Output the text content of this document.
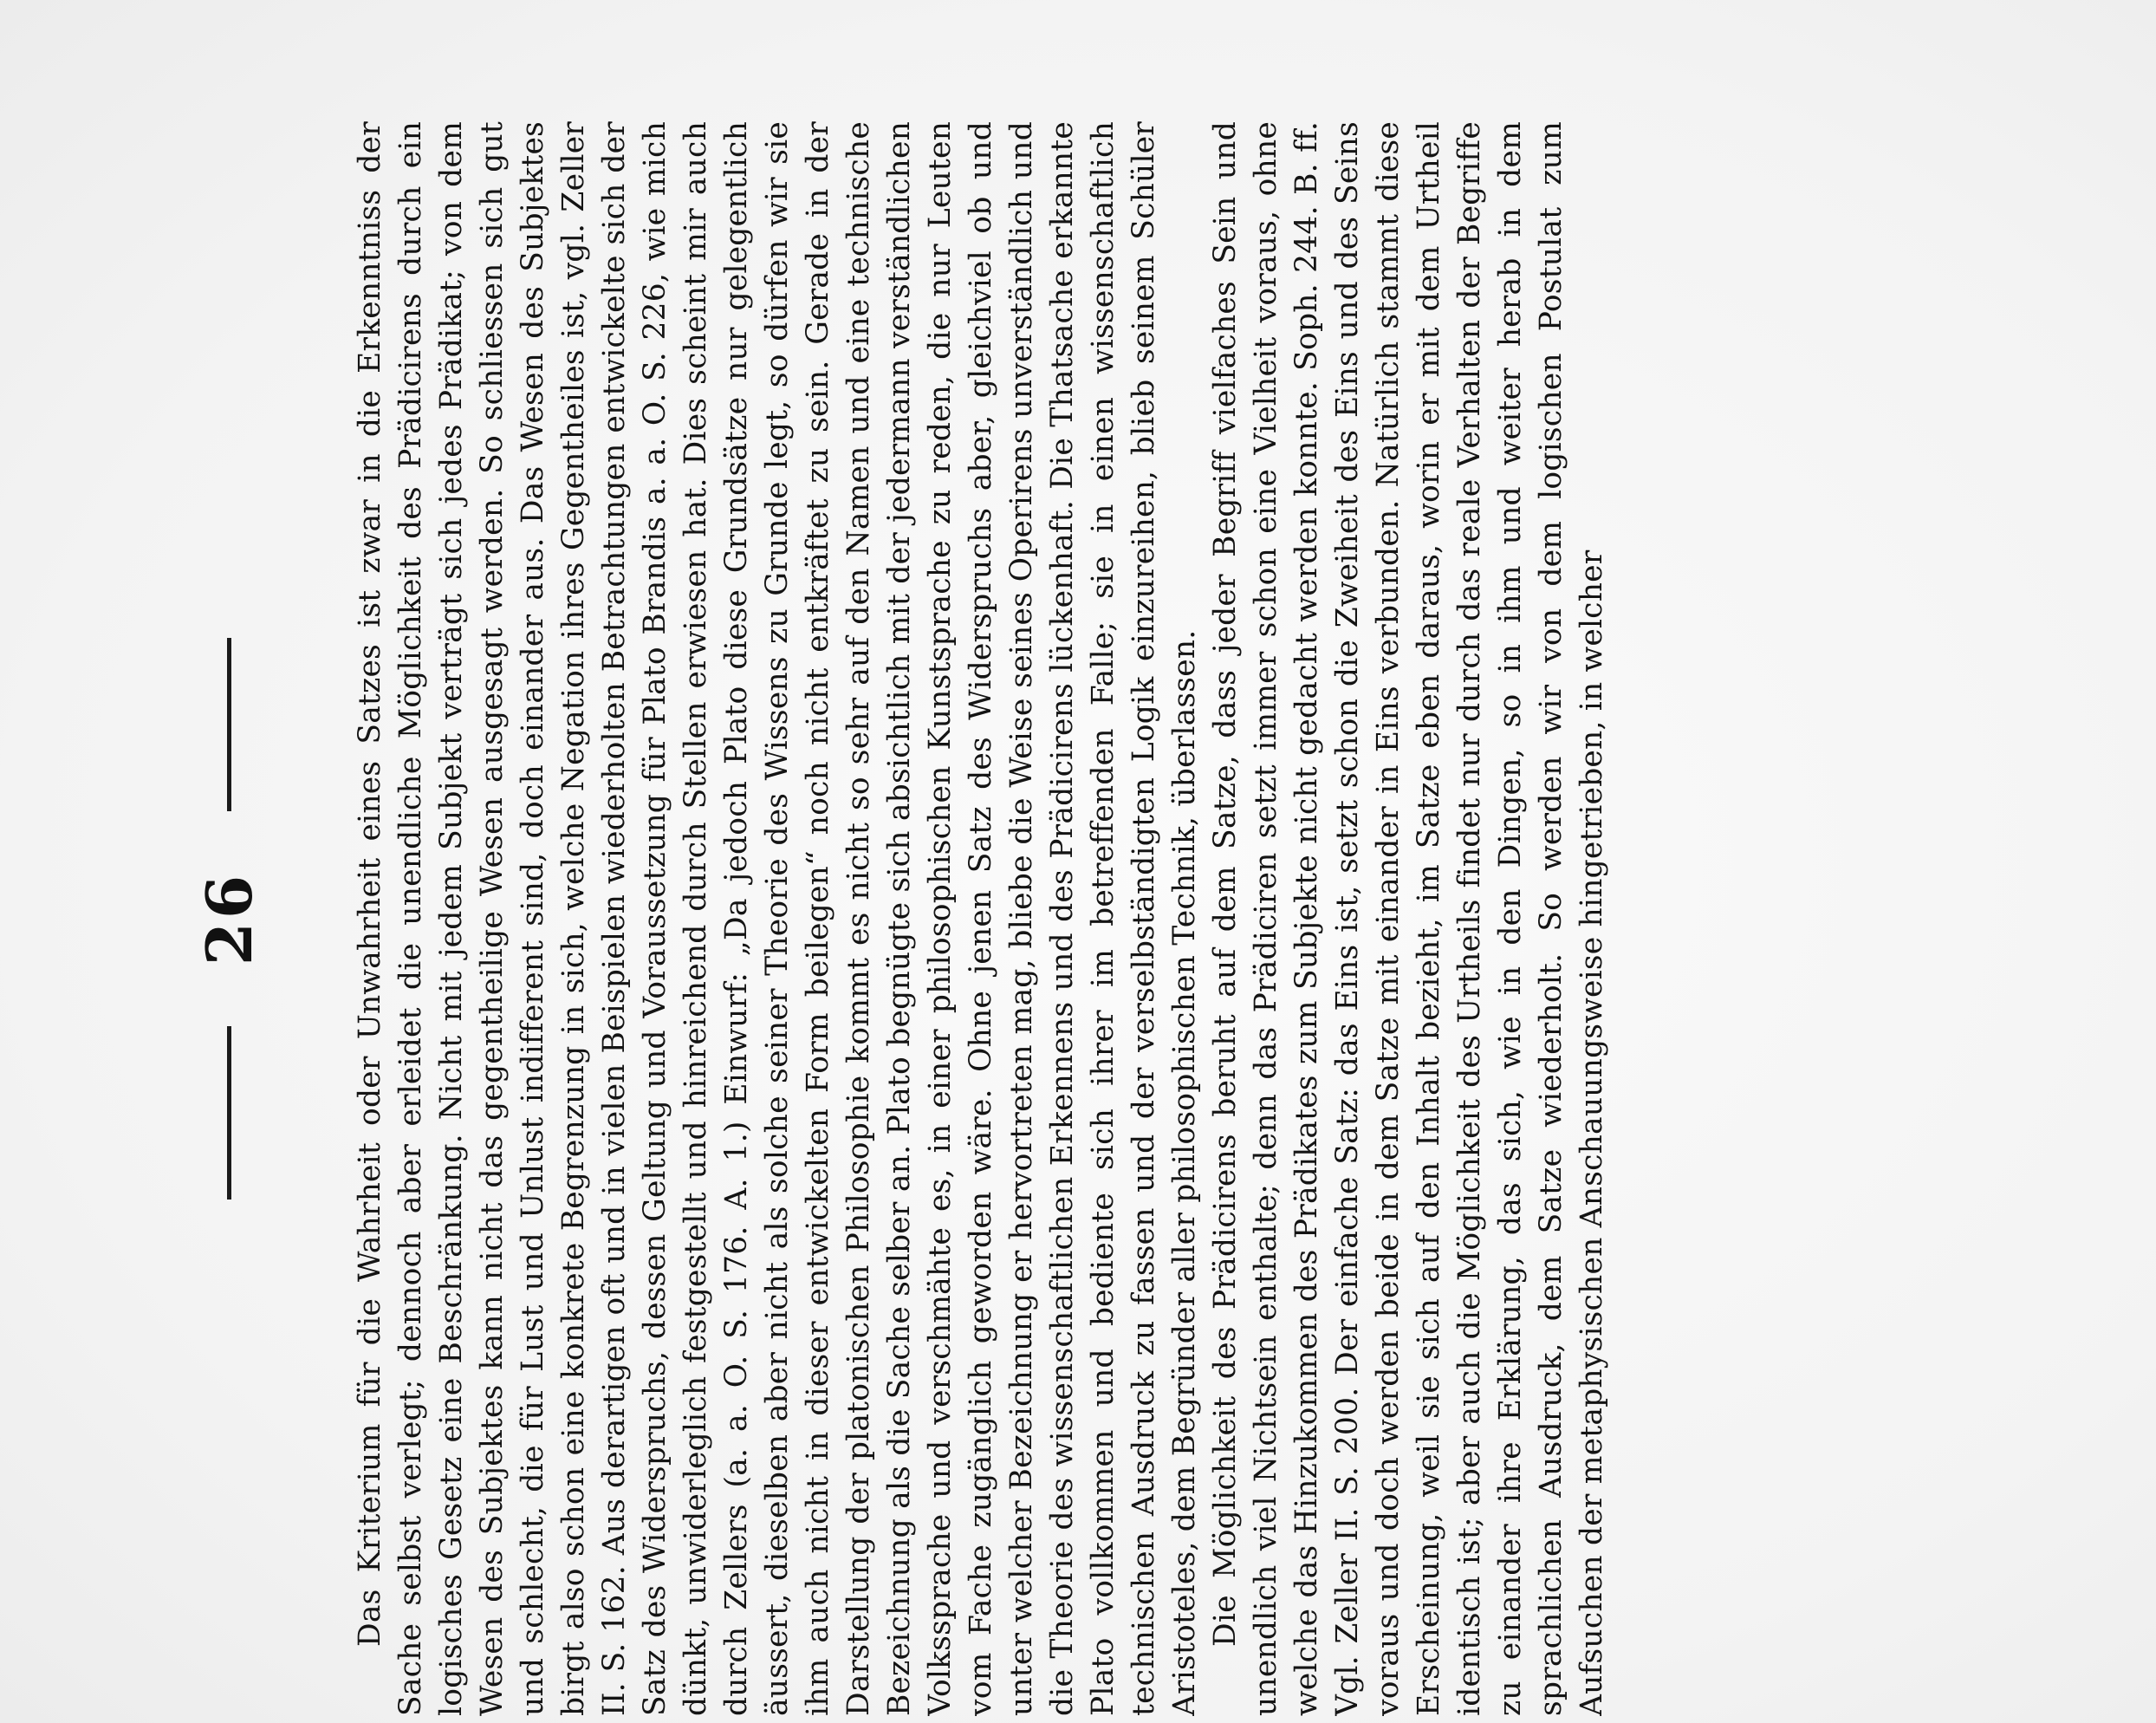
26	Das Kriterium für die Wahrheit oder Unwahrheit eines Satzes ist zwar in die Erkenntniss der Sache selbst verlegt; dennoch aber erleidet die unendliche Möglichkeit des Prädicirens durch ein logisches Gesetz eine Beschränkung. Nicht mit jedem Subjekt verträgt sich jedes Prädikat; von dem Wesen des Subjektes kann nicht das gegentheilige Wesen ausgesagt werden. So schliessen sich gut und schlecht, die für Lust und Unlust indifferent sind, doch einander aus. Das Wesen des Subjektes birgt also schon eine konkrete Begrenzung in sich, welche Negation ihres Gegentheiles ist, vgl. Zeller II. S. 162. Aus derartigen oft und in vielen Beispielen wiederholten Betrachtungen entwickelte sich der Satz des Widerspruchs, dessen Geltung und Voraussetzung für Plato Brandis a. a. O. S. 226, wie mich dünkt, unwiderleglich festgestellt und hinreichend durch Stellen erwiesen hat. Dies scheint mir auch durch Zellers (a. a. O. S. 176. A. 1.) Einwurf: „Da jedoch Plato diese Grundsätze nur gelegentlich äussert, dieselben aber nicht als solche seiner Theorie des Wissens zu Grunde legt, so dürfen wir sie ihm auch nicht in dieser entwickelten Form beilegen“ noch nicht entkräftet zu sein. Gerade in der Darstellung der platonischen Philosophie kommt es nicht so sehr auf den Namen und eine technische Bezeichnung als die Sache selber an. Plato begnügte sich absichtlich mit der jedermann verständlichen Volkssprache und verschmähte es, in einer philosophischen Kunstsprache zu reden, die nur Leuten vom Fache zugänglich geworden wäre. Ohne jenen Satz des Widerspruchs aber, gleichviel ob und unter welcher Bezeichnung er hervortreten mag, bliebe die Weise seines Operirens unverständlich und die Theorie des wissenschaftlichen Erkennens und des Prädicirens lückenhaft. Die Thatsache erkannte Plato vollkommen und bediente sich ihrer im betreffenden Falle; sie in einen wissenschaftlich technischen Ausdruck zu fassen und der verselbständigten Logik einzureihen, blieb seinem Schüler Aristoteles, dem Begründer aller philosophischen Technik, überlassen. Die Möglichkeit des Prädicirens beruht auf dem Satze, dass jeder Begriff vielfaches Sein und unendlich viel Nichtsein enthalte; denn das Prädiciren setzt immer schon eine Vielheit voraus, ohne welche das Hinzukommen des Prädikates zum Subjekte nicht gedacht werden konnte. Soph. 244. B. ff. Vgl. Zeller II. S. 200. Der einfache Satz: das Eins ist, setzt schon die Zweiheit des Eins und des Seins voraus und doch werden beide in dem Satze mit einander in Eins verbunden. Natürlich stammt diese Erscheinung, weil sie sich auf den Inhalt bezieht, im Satze eben daraus, worin er mit dem Urtheil identisch ist; aber auch die Möglichkeit des Urtheils findet nur durch das reale Verhalten der Begriffe zu einander ihre Erklärung, das sich, wie in den Dingen, so in ihm und weiter herab in dem sprachlichen Ausdruck, dem Satze wiederholt. So werden wir von dem logischen Postulat zum Aufsuchen der metaphysischen Anschauungsweise hingetrieben, in welcher
